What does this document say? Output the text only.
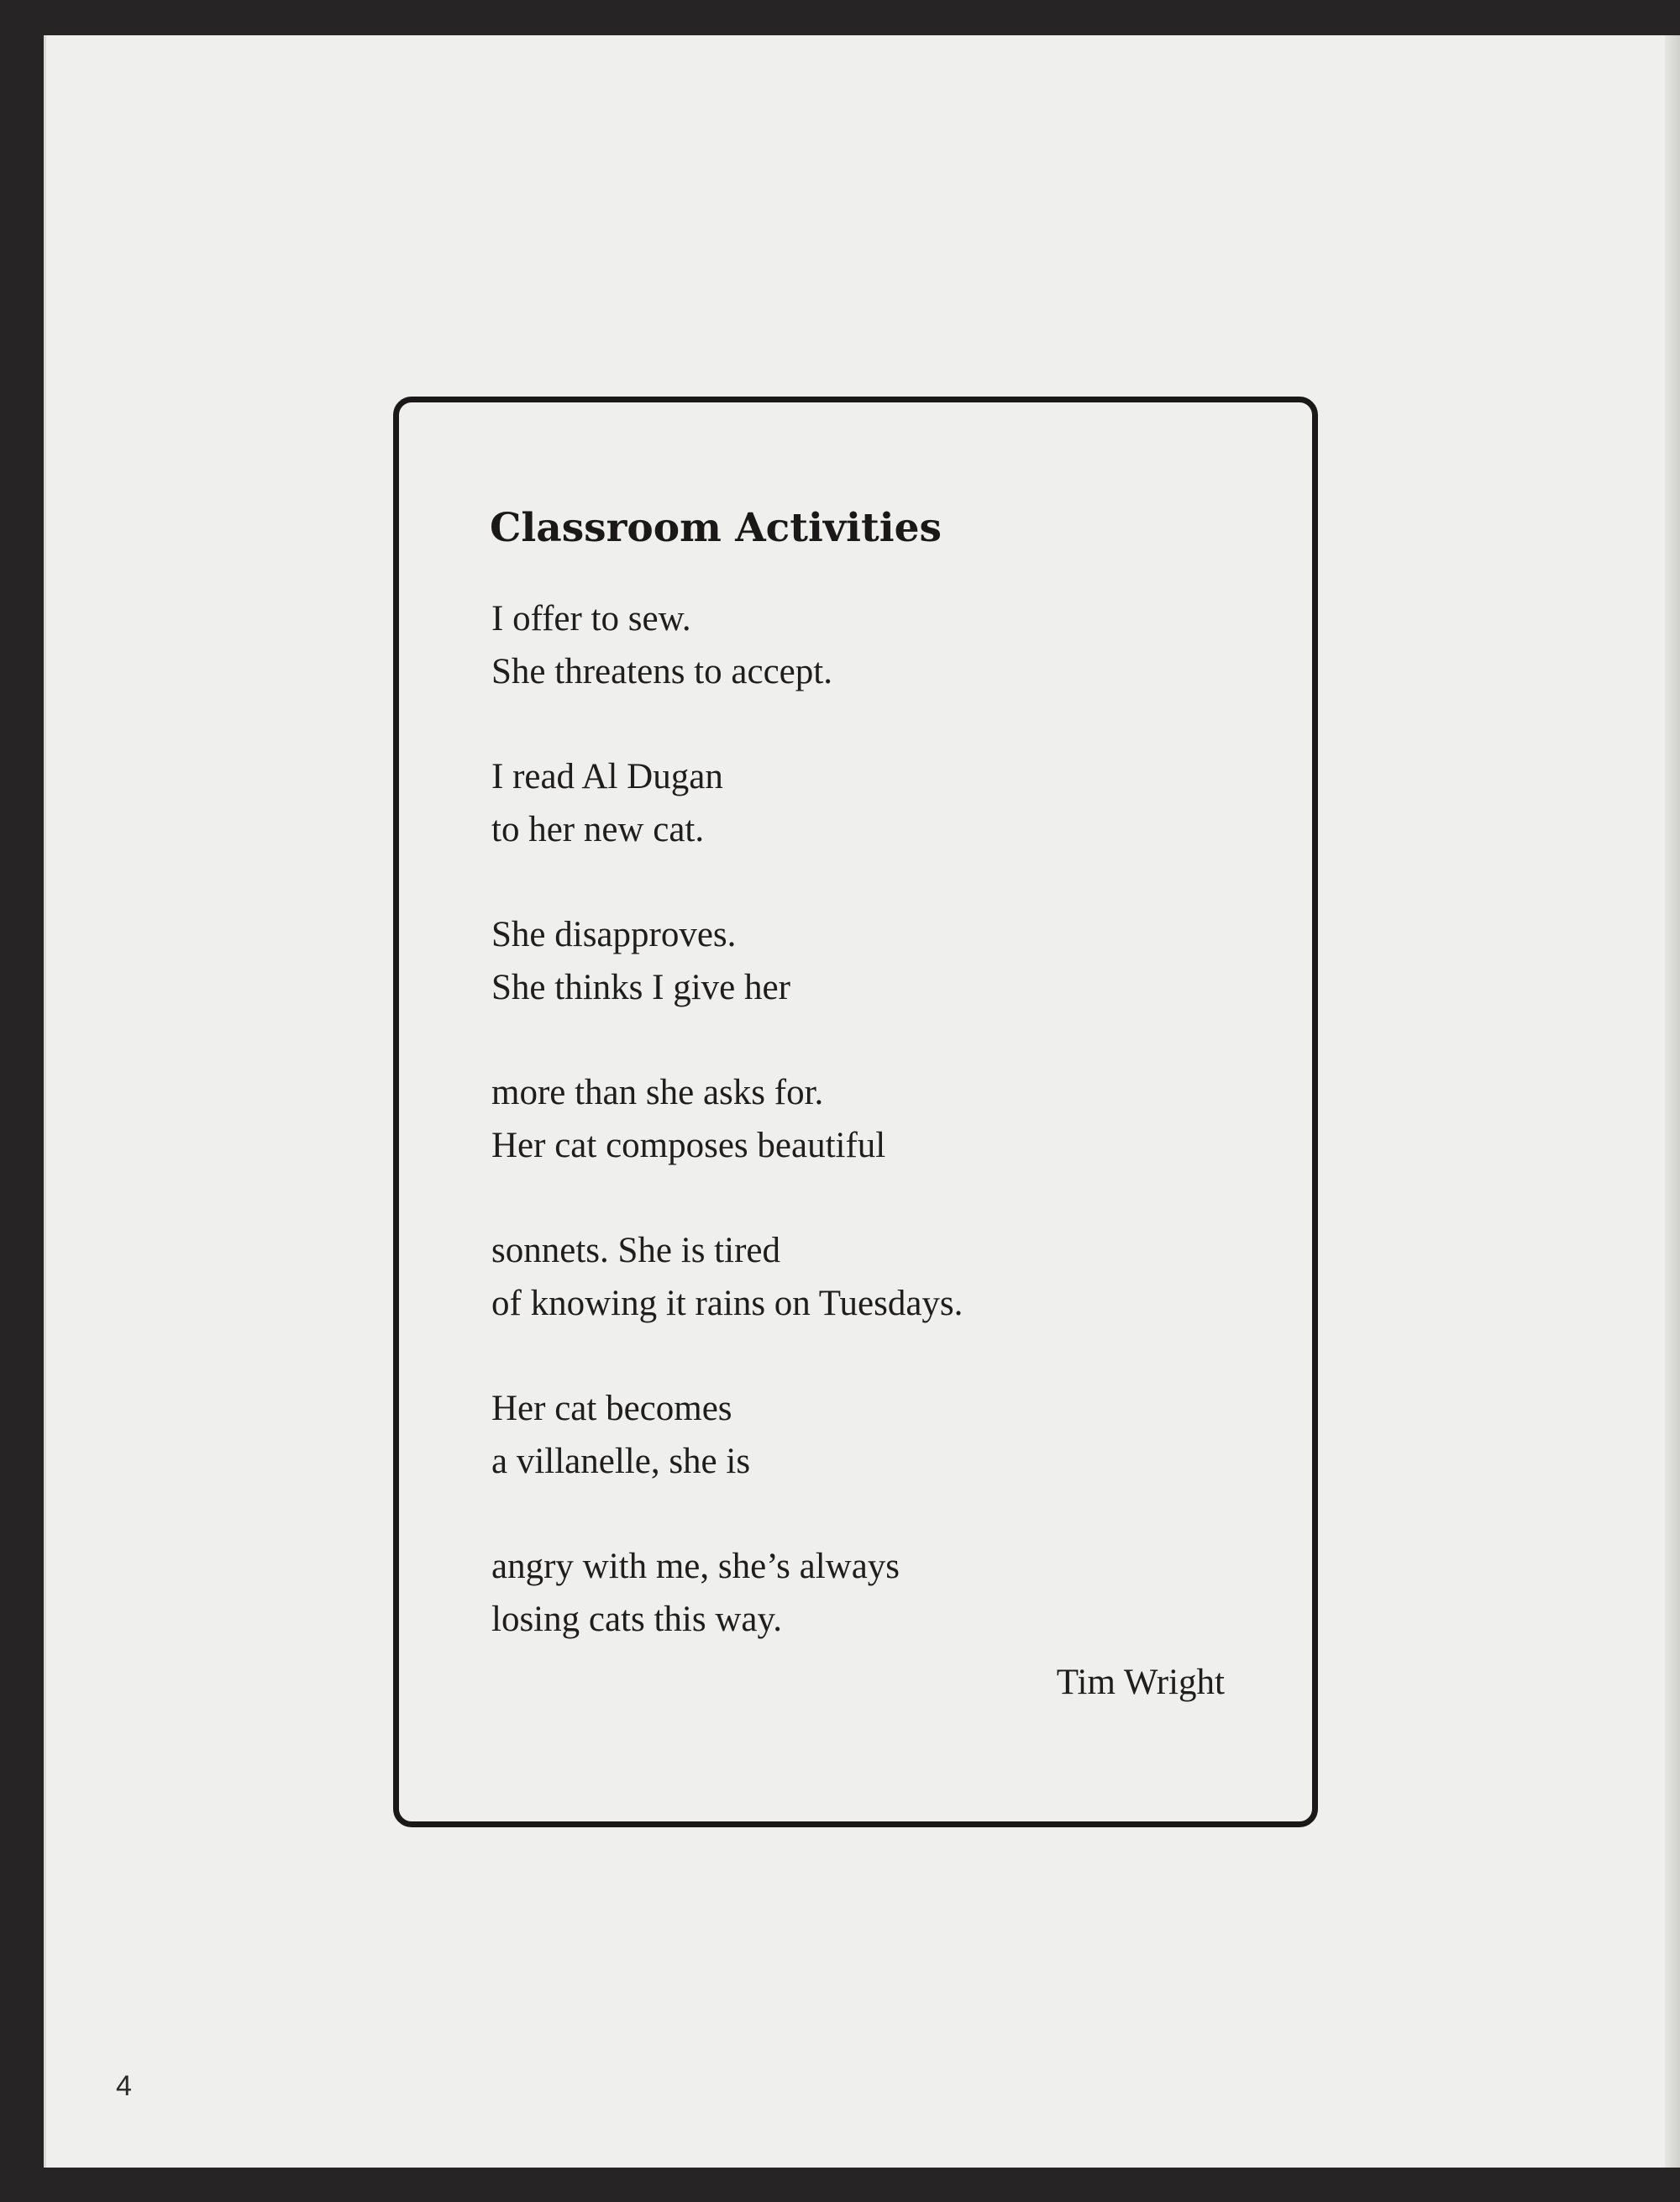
Classroom Activities
I offer to sew.
She threatens to accept.
I read Al Dugan
to her new cat.
She disapproves.
She thinks I give her
more than she asks for.
Her cat composes beautiful
sonnets. She is tired
of knowing it rains on Tuesdays.
Her cat becomes
a villanelle, she is
angry with me, she’s always
losing cats this way.
Tim Wright
4
